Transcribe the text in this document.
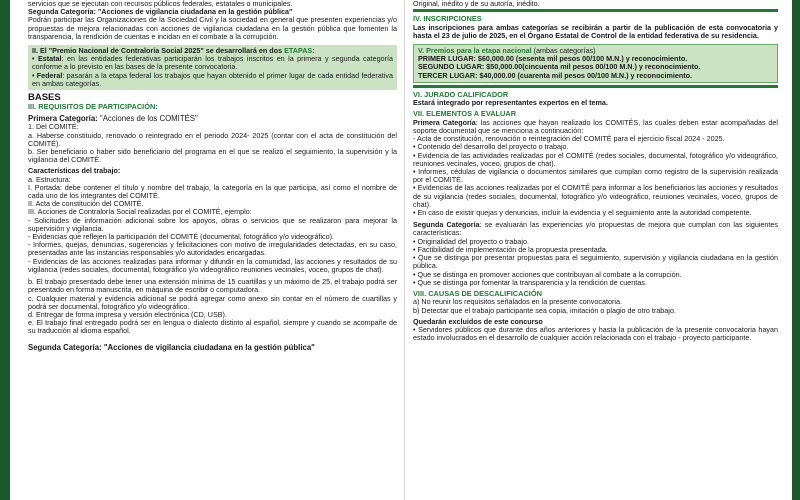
servicios que se ejecutan con recursos públicos federales, estatales o municipales.

Segunda Categoría: "Acciones de vigilancia ciudadana en la gestión pública"

Podrán participar las Organizaciones de la Sociedad Civil y la sociedad en general que presenten experiencias y/o propuestas de mejora relacionadas con acciones de vigilancia ciudadana en la gestión pública que fomenten la transparencia, la rendición de cuentas e incidan en el combate a la corrupción.

II. El "Premio Nacional de Contraloría Social 2025" se desarrollará en dos ETAPAS:

• Estatal: en las entidades federativas participarán los trabajos inscritos en la primera y segunda categoría conforme a lo previsto en las bases de la presente convocatoria.

• Federal: pasarán a la etapa federal los trabajos que hayan obtenido el primer lugar de cada entidad federativa en ambas categorías.

BASES

III. REQUISITOS DE PARTICIPACIÓN:

Primera Categoría: "Acciones de los COMITÉS"

1. Del COMITÉ:

a. Haberse constituido, renovado o reintegrado en el periodo 2024- 2025 (contar con el acta de constitución del COMITÉ).

b. Ser beneficiario o haber sido beneficiario del programa en el que se realizó el seguimiento, la supervisión y la vigilancia del COMITÉ.

Características del trabajo:

a. Estructura:

I. Portada: debe contener el título y nombre del trabajo, la categoría en la que participa, así como el nombre de cada uno de los integrantes del COMITÉ.

II. Acta de constitución del COMITÉ.

III. Acciones de Contraloría Social realizadas por el COMITÉ, ejemplo:

- Solicitudes de información adicional sobre los apoyos, obras o servicios que se realizaron para mejorar la supervisión y vigilancia.

- Evidencias que reflejen la participación del COMITÉ (documental, fotográfico y/o videográfico).

- Informes, quejas, denuncias, sugerencias y felicitaciones con motivo de irregularidades detectadas, en su caso, presentadas ante las instancias responsables y/o autoridades encargadas.

- Evidencias de las acciones realizadas para informar y difundir en la comunidad, las acciones y resultados de su vigilancia (redes sociales, documental, fotográfico y/o videográfico reuniones vecinales, voceo, grupos de chat).

b. El trabajo presentado debe tener una extensión mínima de 15 cuartillas y un máximo de 25, el trabajo podrá ser presentado en forma manuscrita, en máquina de escribir o computadora.

c. Cualquier material y evidencia adicional se podrá agregar como anexo sin contar en el número de cuartillas y podrá ser documental, fotográfico y/o videográfico.

d. Entregar de forma impresa y versión electrónica (CD, USB).

e. El trabajo final entregado podrá ser en lengua o dialecto distinto al español, siempre y cuando se acompañe de su traducción al idioma español.

Segunda Categoría: "Acciones de vigilancia ciudadana en la gestión pública"

Original, inédito y de su autoría, inédito.

IV. INSCRIPCIONES

Las inscripciones para ambas categorías se recibirán a partir de la publicación de esta convocatoria y hasta el 23 de julio de 2025, en el Órgano Estatal de Control de la entidad federativa de su residencia.

V. Premios para la etapa nacional (ambas categorías)

PRIMER LUGAR: $60,000.00 (sesenta mil pesos 00/100 M.N.) y reconocimiento.

SEGUNDO LUGAR: $50,000.00(cincuenta mil pesos 00/100 M.N.) y reconocimiento.

TERCER LUGAR: $40,000.00 (cuarenta mil pesos 00/100 M.N.) y reconocimiento.

VI. JURADO CALIFICADOR

Estará integrado por representantes expertos en el tema.

VII. ELEMENTOS A EVALUAR

Primera Categoría: las acciones que hayan realizado los COMITÉS, las cuales deben estar acompañadas del soporte documental que se menciona a continuación:

- Acta de constitución, renovación o reintegración del COMITÉ para el ejercicio fiscal 2024 - 2025.

• Contenido del desarrollo del proyecto o trabajo.

• Evidencia de las actividades realizadas por el COMITÉ (redes sociales, documental, fotográfico y/o videográfico, reuniones vecinales, voceo, grupos de chat).

• Informes, cédulas de vigilancia o documentos similares que cumplan como registro de la supervisión realizada por el COMITÉ.

• Evidencias de las acciones realizadas por el COMITÉ para informar a los beneficiarios las acciones y resultados de su vigilancia (redes sociales, documental, fotográfico y/o videográfico, reuniones vecinales, voceo, grupos de chat).

• En caso de existir quejas y denuncias, incluir la evidencia y el seguimiento ante la autoridad competente.

Segunda Categoría: se evaluarán las experiencias y/o propuestas de mejora que cumplan con las siguientes características:

• Originalidad del proyecto o trabajo.

• Factibilidad de implementación de la propuesta presentada.

• Que se distinga por presentar propuestas para el seguimiento, supervisión y vigilancia ciudadana en la gestión pública.

• Que se distinga en promover acciones que contribuyan al combate a la corrupción.

• Que se distinga por fomentar la transparencia y la rendición de cuentas.

VIII. CAUSAS DE DESCALIFICACIÓN

a) No reunir los requisitos señalados en la presente convocatoria.

b) Detectar que el trabajo participante sea copia, imitación o plagio de otro trabajo.

Quedarán excluidos de este concurso

• Servidores públicos que durante dos años anteriores y hasta la publicación de la presente convocatoria hayan estado involucrados en el desarrollo de cualquier acción relacionada con el trabajo - proyecto participante.
